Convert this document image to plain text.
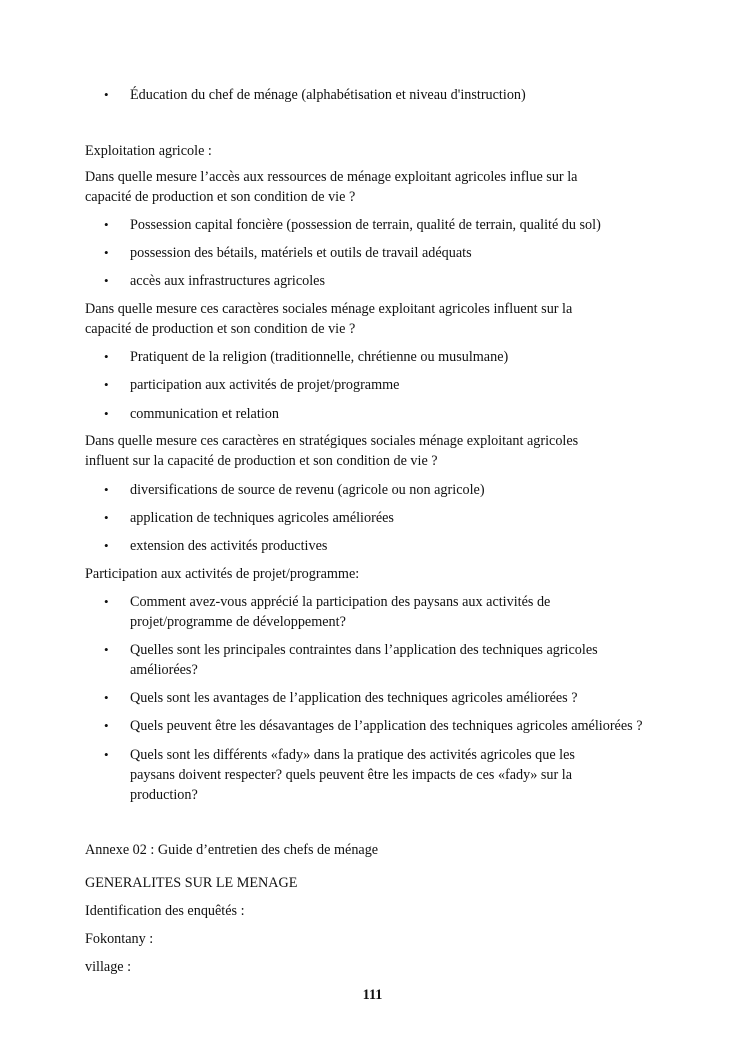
•	Éducation du chef de ménage (alphabétisation et niveau d'instruction)
Exploitation agricole :
Dans quelle mesure l’accès aux ressources de ménage exploitant agricoles influe sur la
capacité de production et son condition de vie ?
•	Possession capital foncière (possession de terrain, qualité de terrain, qualité du sol)
•	possession des bétails, matériels et outils de travail adéquats
•	accès aux infrastructures agricoles
Dans quelle mesure ces caractères sociales ménage exploitant agricoles influent sur la
capacité de production et son condition de vie ?
•	Pratiquent de la religion (traditionnelle, chrétienne ou musulmane)
•	participation aux activités de projet/programme
•	communication et relation
Dans quelle mesure ces caractères en stratégiques sociales ménage exploitant agricoles
influent sur la capacité de production et son condition de vie ?
•	diversifications de source de revenu (agricole ou non agricole)
•	application de techniques agricoles améliorées
•	extension des activités productives
Participation aux activités de projet/programme:
•	Comment avez-vous apprécié la participation des paysans aux activités de
projet/programme de développement?
•	Quelles sont les principales contraintes dans l’application des techniques agricoles
améliorées?
•	Quels sont les avantages de l’application des techniques agricoles améliorées ?
•	Quels peuvent être les désavantages de l’application des techniques agricoles améliorées ?
•	Quels sont les différents «fady» dans la pratique des activités agricoles que les
paysans doivent respecter? quels peuvent être les impacts de ces «fady» sur la
production?
Annexe 02 : Guide d’entretien des chefs de ménage
GENERALITES SUR LE MENAGE
Identification des enquêtés :
Fokontany :
village :
111
